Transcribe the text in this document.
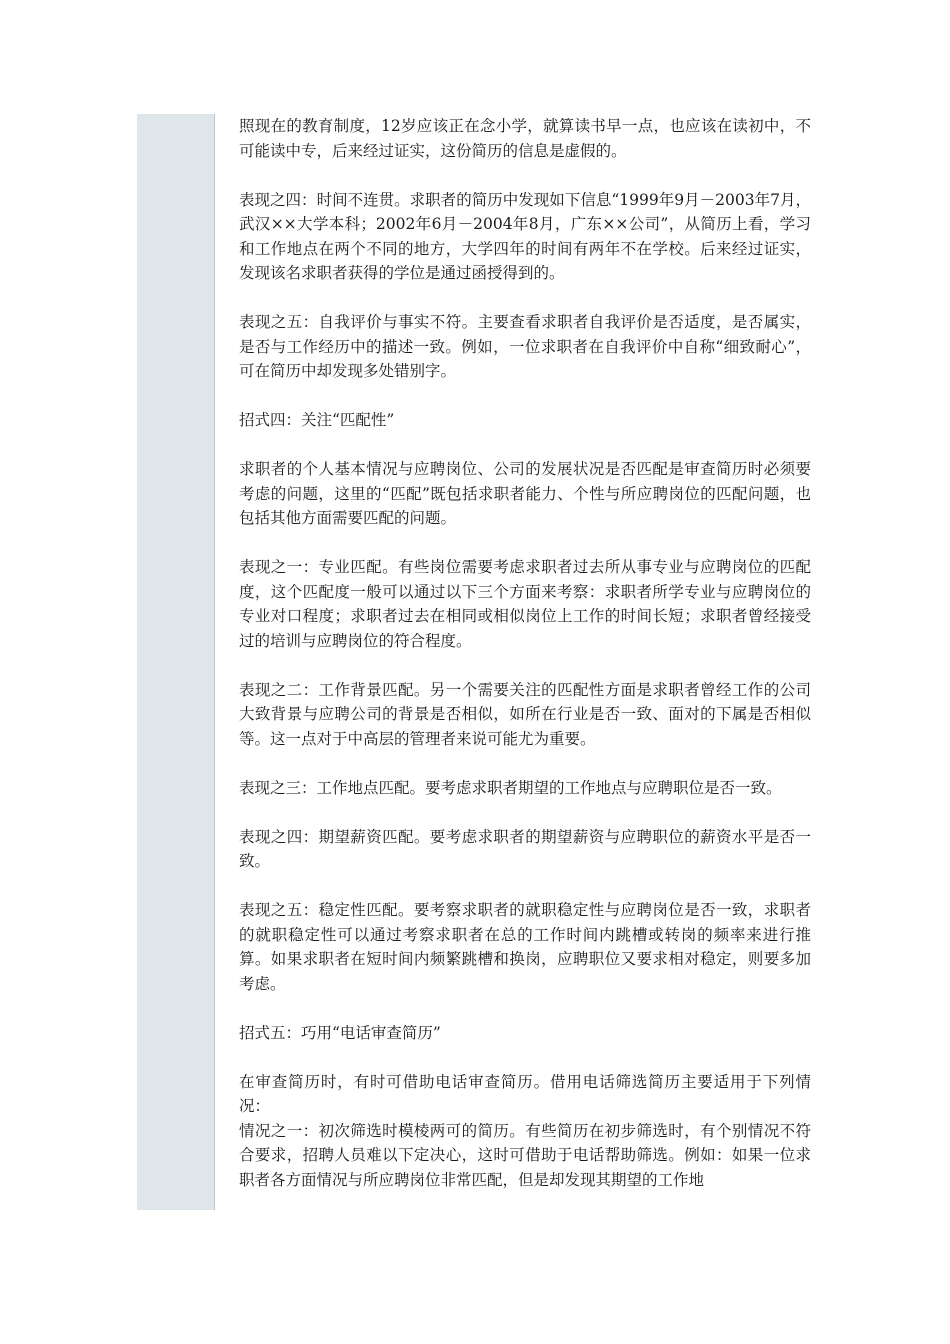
照现在的教育制度，12岁应该正在念小学，就算读书早一点，也应该在读初中，不可能读中专，后来经过证实，这份简历的信息是虚假的。

表现之四：时间不连贯。求职者的简历中发现如下信息“1999年9月－2003年7月，武汉××大学本科；2002年6月－2004年8月，广东××公司”，从简历上看，学习和工作地点在两个不同的地方，大学四年的时间有两年不在学校。后来经过证实，发现该名求职者获得的学位是通过函授得到的。

表现之五：自我评价与事实不符。主要查看求职者自我评价是否适度，是否属实，是否与工作经历中的描述一致。例如，一位求职者在自我评价中自称“细致耐心”，可在简历中却发现多处错别字。

招式四：关注“匹配性”

求职者的个人基本情况与应聘岗位、公司的发展状况是否匹配是审查简历时必须要考虑的问题，这里的“匹配”既包括求职者能力、个性与所应聘岗位的匹配问题，也包括其他方面需要匹配的问题。

表现之一：专业匹配。有些岗位需要考虑求职者过去所从事专业与应聘岗位的匹配度，这个匹配度一般可以通过以下三个方面来考察：求职者所学专业与应聘岗位的专业对口程度；求职者过去在相同或相似岗位上工作的时间长短；求职者曾经接受过的培训与应聘岗位的符合程度。

表现之二：工作背景匹配。另一个需要关注的匹配性方面是求职者曾经工作的公司大致背景与应聘公司的背景是否相似，如所在行业是否一致、面对的下属是否相似等。这一点对于中高层的管理者来说可能尤为重要。

表现之三：工作地点匹配。要考虑求职者期望的工作地点与应聘职位是否一致。

表现之四：期望薪资匹配。要考虑求职者的期望薪资与应聘职位的薪资水平是否一致。

表现之五：稳定性匹配。要考察求职者的就职稳定性与应聘岗位是否一致，求职者的就职稳定性可以通过考察求职者在总的工作时间内跳槽或转岗的频率来进行推算。如果求职者在短时间内频繁跳槽和换岗，应聘职位又要求相对稳定，则要多加考虑。

招式五：巧用“电话审查简历”

在审查简历时，有时可借助电话审查简历。借用电话筛选简历主要适用于下列情况：

情况之一：初次筛选时模棱两可的简历。有些简历在初步筛选时，有个别情况不符合要求，招聘人员难以下定决心，这时可借助于电话帮助筛选。例如：如果一位求职者各方面情况与所应聘岗位非常匹配，但是却发现其期望的工作地
